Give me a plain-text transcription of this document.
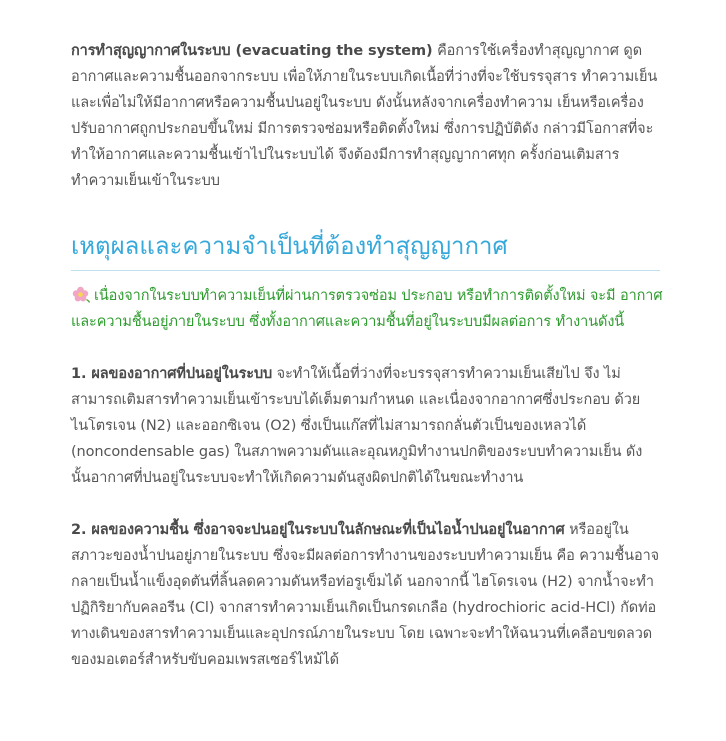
การทำสุญญากาศในระบบ (evacuating the system) คือการใช้เครื่องทำสุญญากาศ ดูดอากาศและความชื้นออกจากระบบ เพื่อให้ภายในระบบเกิดเนื้อที่ว่างที่จะใช้บรรจุสาร ทำความเย็นและเพื่อไม่ให้มีอากาศหรือความชื้นปนอยู่ในระบบ ดังนั้นหลังจากเครื่องทำความ เย็นหรือเครื่องปรับอากาศถูกประกอบขึ้นใหม่ มีการตรวจซ่อมหรือติดตั้งใหม่ ซึ่งการปฏิบัติดัง กล่าวมีโอกาสที่จะทำให้อากาศและความชื้นเข้าไปในระบบได้ จึงต้องมีการทำสุญญากาศทุก ครั้งก่อนเติมสารทำความเย็นเข้าในระบบ

เหตุผลและความจำเป็นที่ต้องทำสุญญากาศ

เนื่องจากในระบบทำความเย็นที่ผ่านการตรวจซ่อม ประกอบ หรือทำการติดตั้งใหม่ จะมี อากาศและความชื้นอยู่ภายในระบบ ซึ่งทั้งอากาศและความชื้นที่อยู่ในระบบมีผลต่อการ ทำงานดังนี้

1. ผลของอากาศที่ปนอยู่ในระบบ จะทำให้เนื้อที่ว่างที่จะบรรจุสารทำความเย็นเสียไป จึง ไม่สามารถเติมสารทำความเย็นเข้าระบบได้เต็มตามกำหนด และเนื่องจากอากาศซึ่งประกอบ ด้วยไนโตรเจน (N2) และออกซิเจน (O2) ซึ่งเป็นแก๊สที่ไม่สามารถกลั่นตัวเป็นของเหลวได้ (noncondensable gas) ในสภาพความดันและอุณหภูมิทำงานปกติของระบบทำความเย็น ดัง นั้นอากาศที่ปนอยู่ในระบบจะทำให้เกิดความดันสูงผิดปกติได้ในขณะทำงาน

2. ผลของความชื้น ซึ่งอาจจะปนอยู่ในระบบในลักษณะที่เป็นไอน้ำปนอยู่ในอากาศ หรืออยู่ในสภาวะของน้ำปนอยู่ภายในระบบ ซึ่งจะมีผลต่อการทำงานของระบบทำความเย็น คือ ความชื้นอาจกลายเป็นน้ำแข็งอุดตันที่ลิ้นลดความดันหรือท่อรูเข็มได้ นอกจากนี้ ไฮโดรเจน (H2) จากน้ำจะทำปฏิกิริยากับคลอรีน (Cl) จากสารทำความเย็นเกิดเป็นกรดเกลือ (hydrochioric acid-HCl) กัดท่อทางเดินของสารทำความเย็นและอุปกรณ์ภายในระบบ โดย เฉพาะจะทำให้ฉนวนที่เคลือบขดลวดของมอเตอร์สำหรับขับคอมเพรสเซอร์ไหม้ได้
